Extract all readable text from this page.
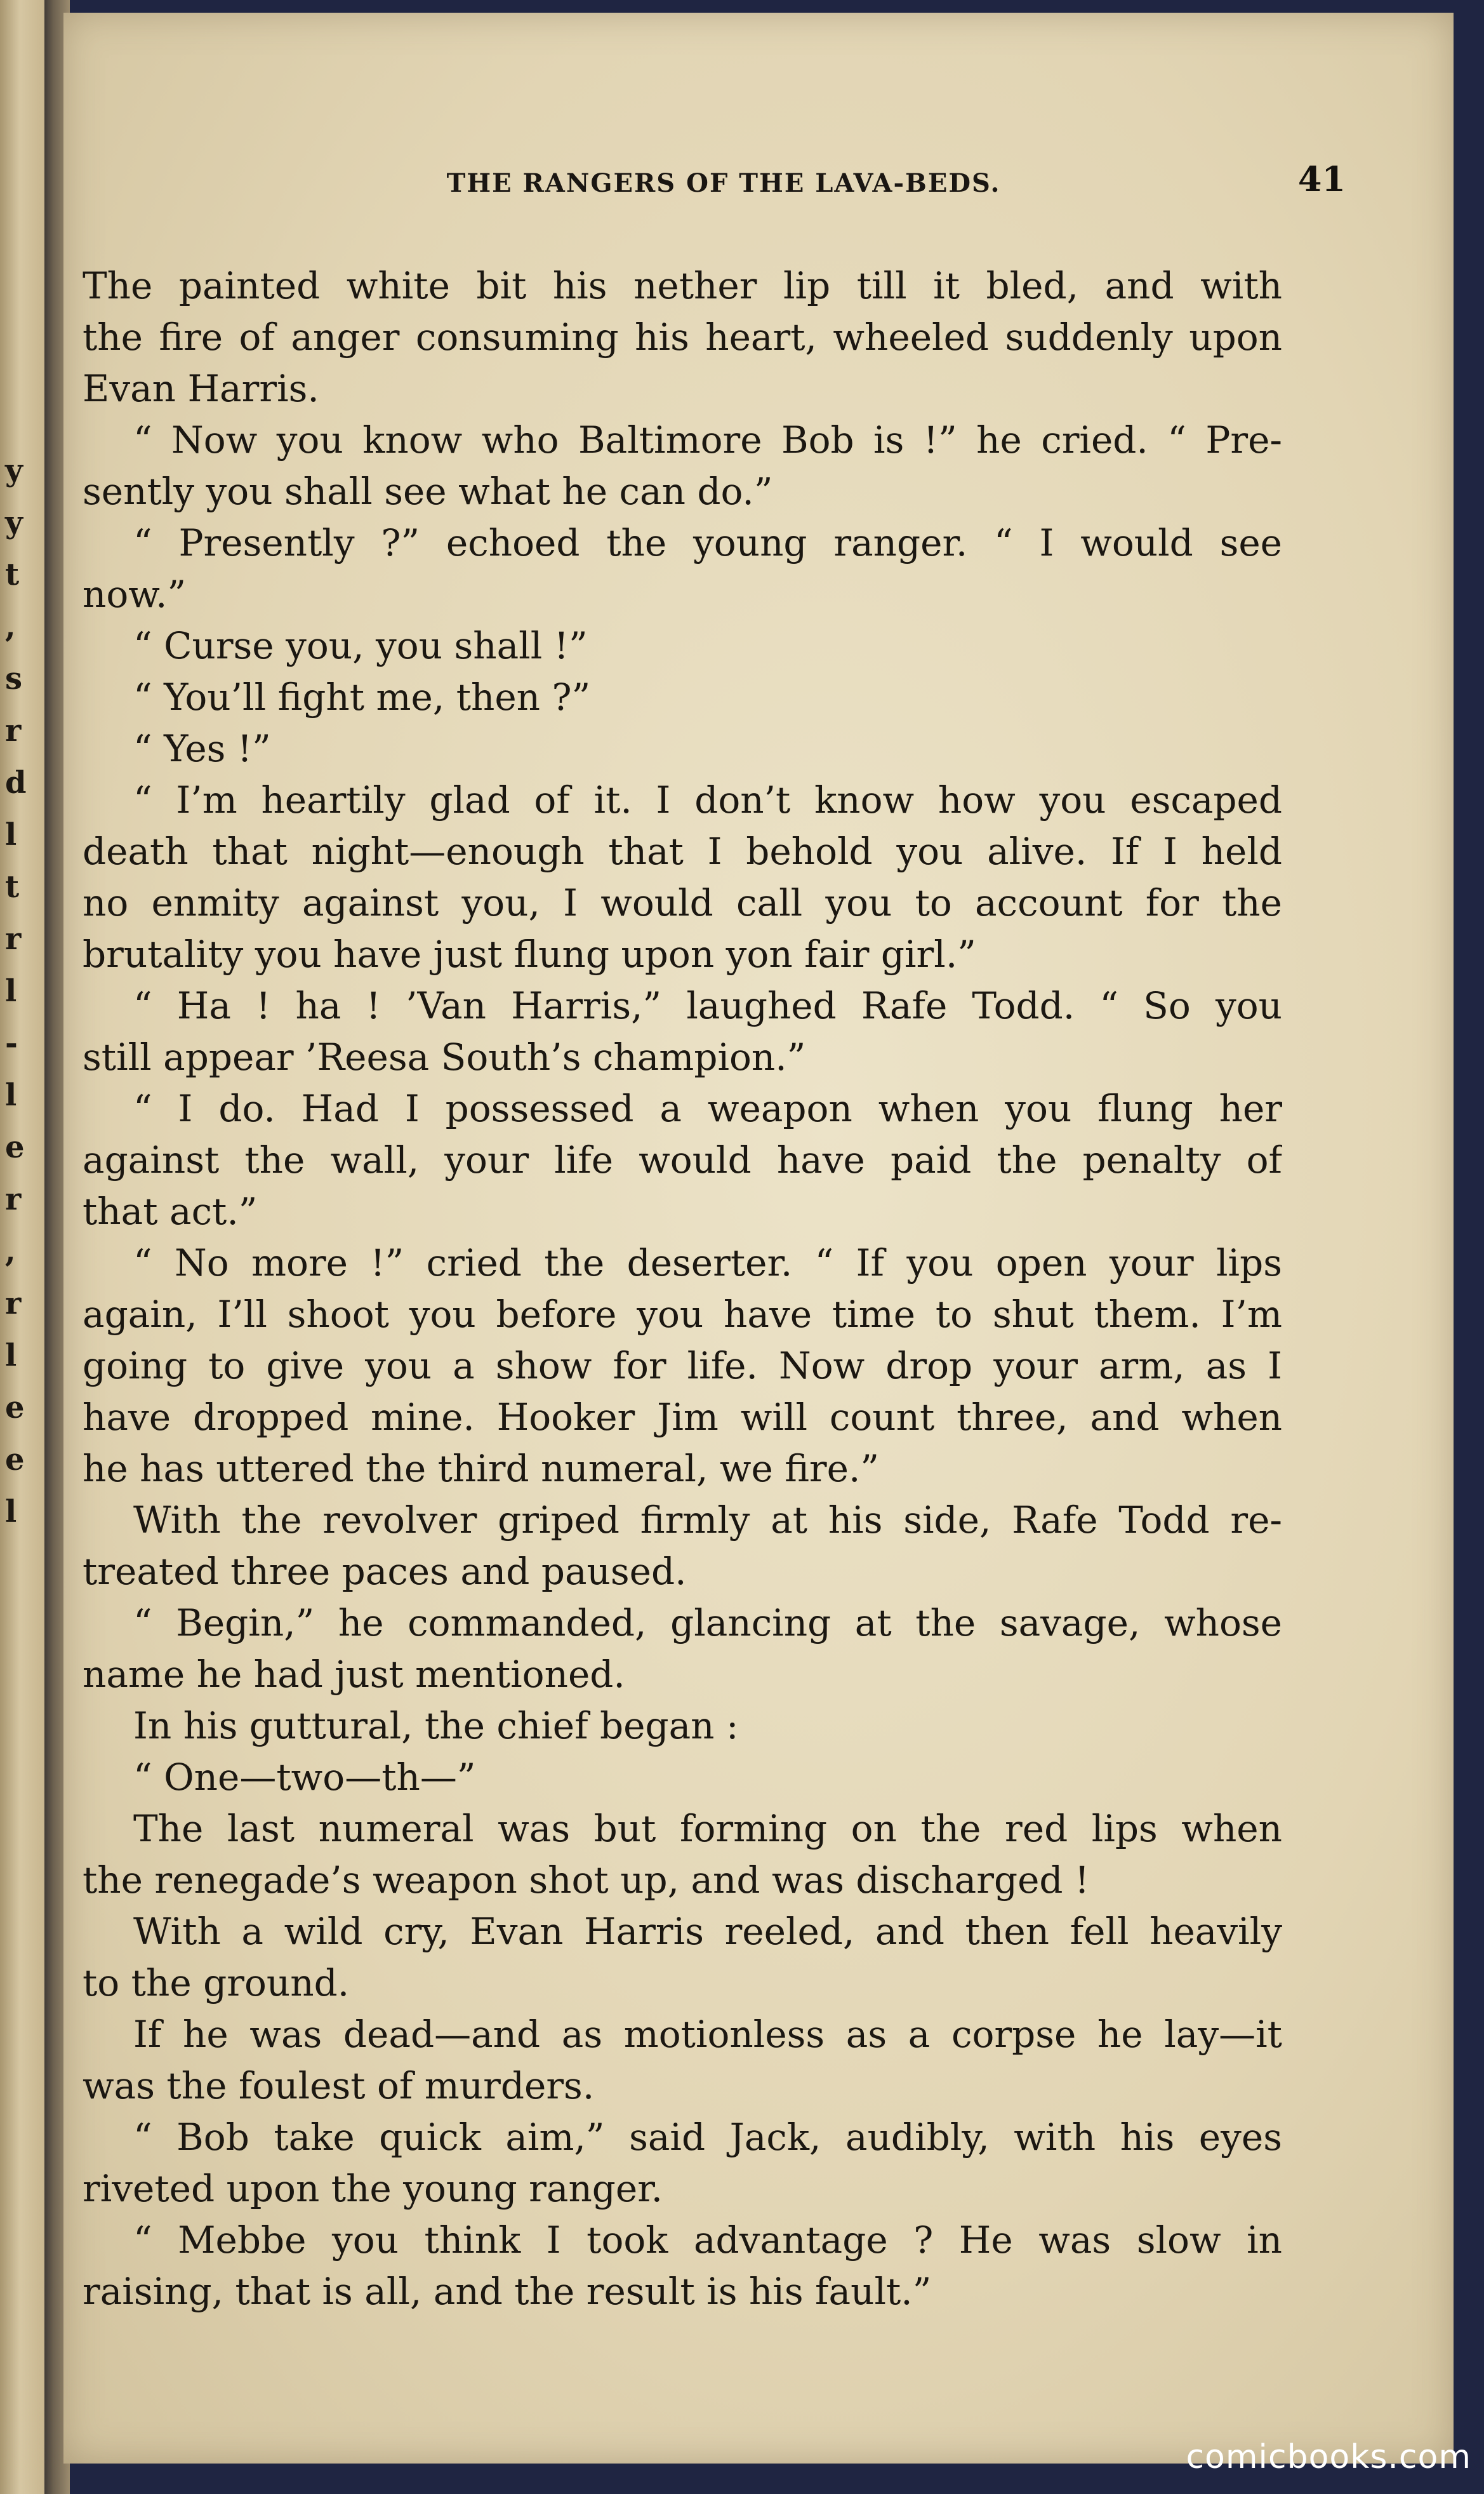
y y t , s r d l t r l - l e r , r l e e l
THE RANGERS OF THE LAVA-BEDS.	41
The painted white bit his nether lip till it bled, and with
the fire of anger consuming his heart, wheeled suddenly upon
Evan Harris.
“ Now you know who Baltimore Bob is !” he cried. “ Pre-
sently you shall see what he can do.”
“ Presently ?” echoed the young ranger. “ I would see
now.”
“ Curse you, you shall !”
“ You’ll fight me, then ?”
“ Yes !”
“ I’m heartily glad of it. I don’t know how you escaped
death that night—enough that I behold you alive. If I held
no enmity against you, I would call you to account for the
brutality you have just flung upon yon fair girl.”
“ Ha ! ha ! ’Van Harris,” laughed Rafe Todd. “ So you
still appear ’Reesa South’s champion.”
“ I do. Had I possessed a weapon when you flung her
against the wall, your life would have paid the penalty of
that act.”
“ No more !” cried the deserter. “ If you open your lips
again, I’ll shoot you before you have time to shut them. I’m
going to give you a show for life. Now drop your arm, as I
have dropped mine. Hooker Jim will count three, and when
he has uttered the third numeral, we fire.”
With the revolver griped firmly at his side, Rafe Todd re-
treated three paces and paused.
“ Begin,” he commanded, glancing at the savage, whose
name he had just mentioned.
In his guttural, the chief began :
“ One—two—th—”
The last numeral was but forming on the red lips when
the renegade’s weapon shot up, and was discharged !
With a wild cry, Evan Harris reeled, and then fell heavily
to the ground.
If he was dead—and as motionless as a corpse he lay—it
was the foulest of murders.
“ Bob take quick aim,” said Jack, audibly, with his eyes
riveted upon the young ranger.
“ Mebbe you think I took advantage ? He was slow in
raising, that is all, and the result is his fault.”
comicbooks.com
